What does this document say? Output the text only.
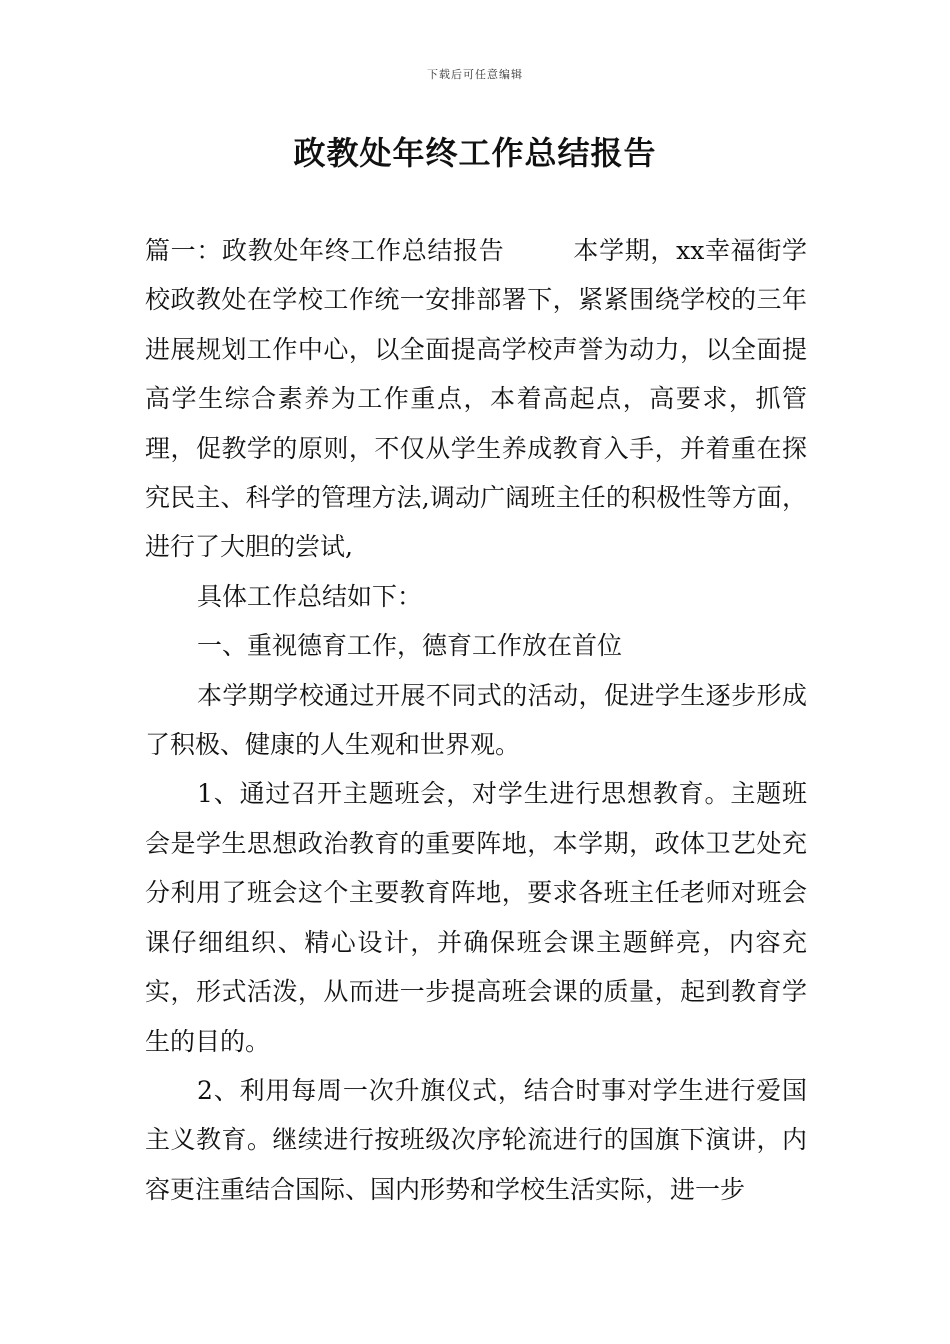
下载后可任意编辑
政教处年终工作总结报告

篇一：政教处年终工作总结报告	本学期，xx幸福街学校政教处在学校工作统一安排部署下，紧紧围绕学校的三年进展规划工作中心，以全面提高学校声誉为动力，以全面提高学生综合素养为工作重点，本着高起点，高要求，抓管理，促教学的原则，不仅从学生养成教育入手，并着重在探究民主、科学的管理方法,调动广阔班主任的积极性等方面，进行了大胆的尝试,

具体工作总结如下：

一、重视德育工作，德育工作放在首位

本学期学校通过开展不同式的活动，促进学生逐步形成了积极、健康的人生观和世界观。

1、通过召开主题班会，对学生进行思想教育。主题班会是学生思想政治教育的重要阵地，本学期，政体卫艺处充分利用了班会这个主要教育阵地，要求各班主任老师对班会课仔细组织、精心设计，并确保班会课主题鲜亮，内容充实，形式活泼，从而进一步提高班会课的质量，起到教育学生的目的。

2、利用每周一次升旗仪式，结合时事对学生进行爱国主义教育。继续进行按班级次序轮流进行的国旗下演讲，内容更注重结合国际、国内形势和学校生活实际，进一步
